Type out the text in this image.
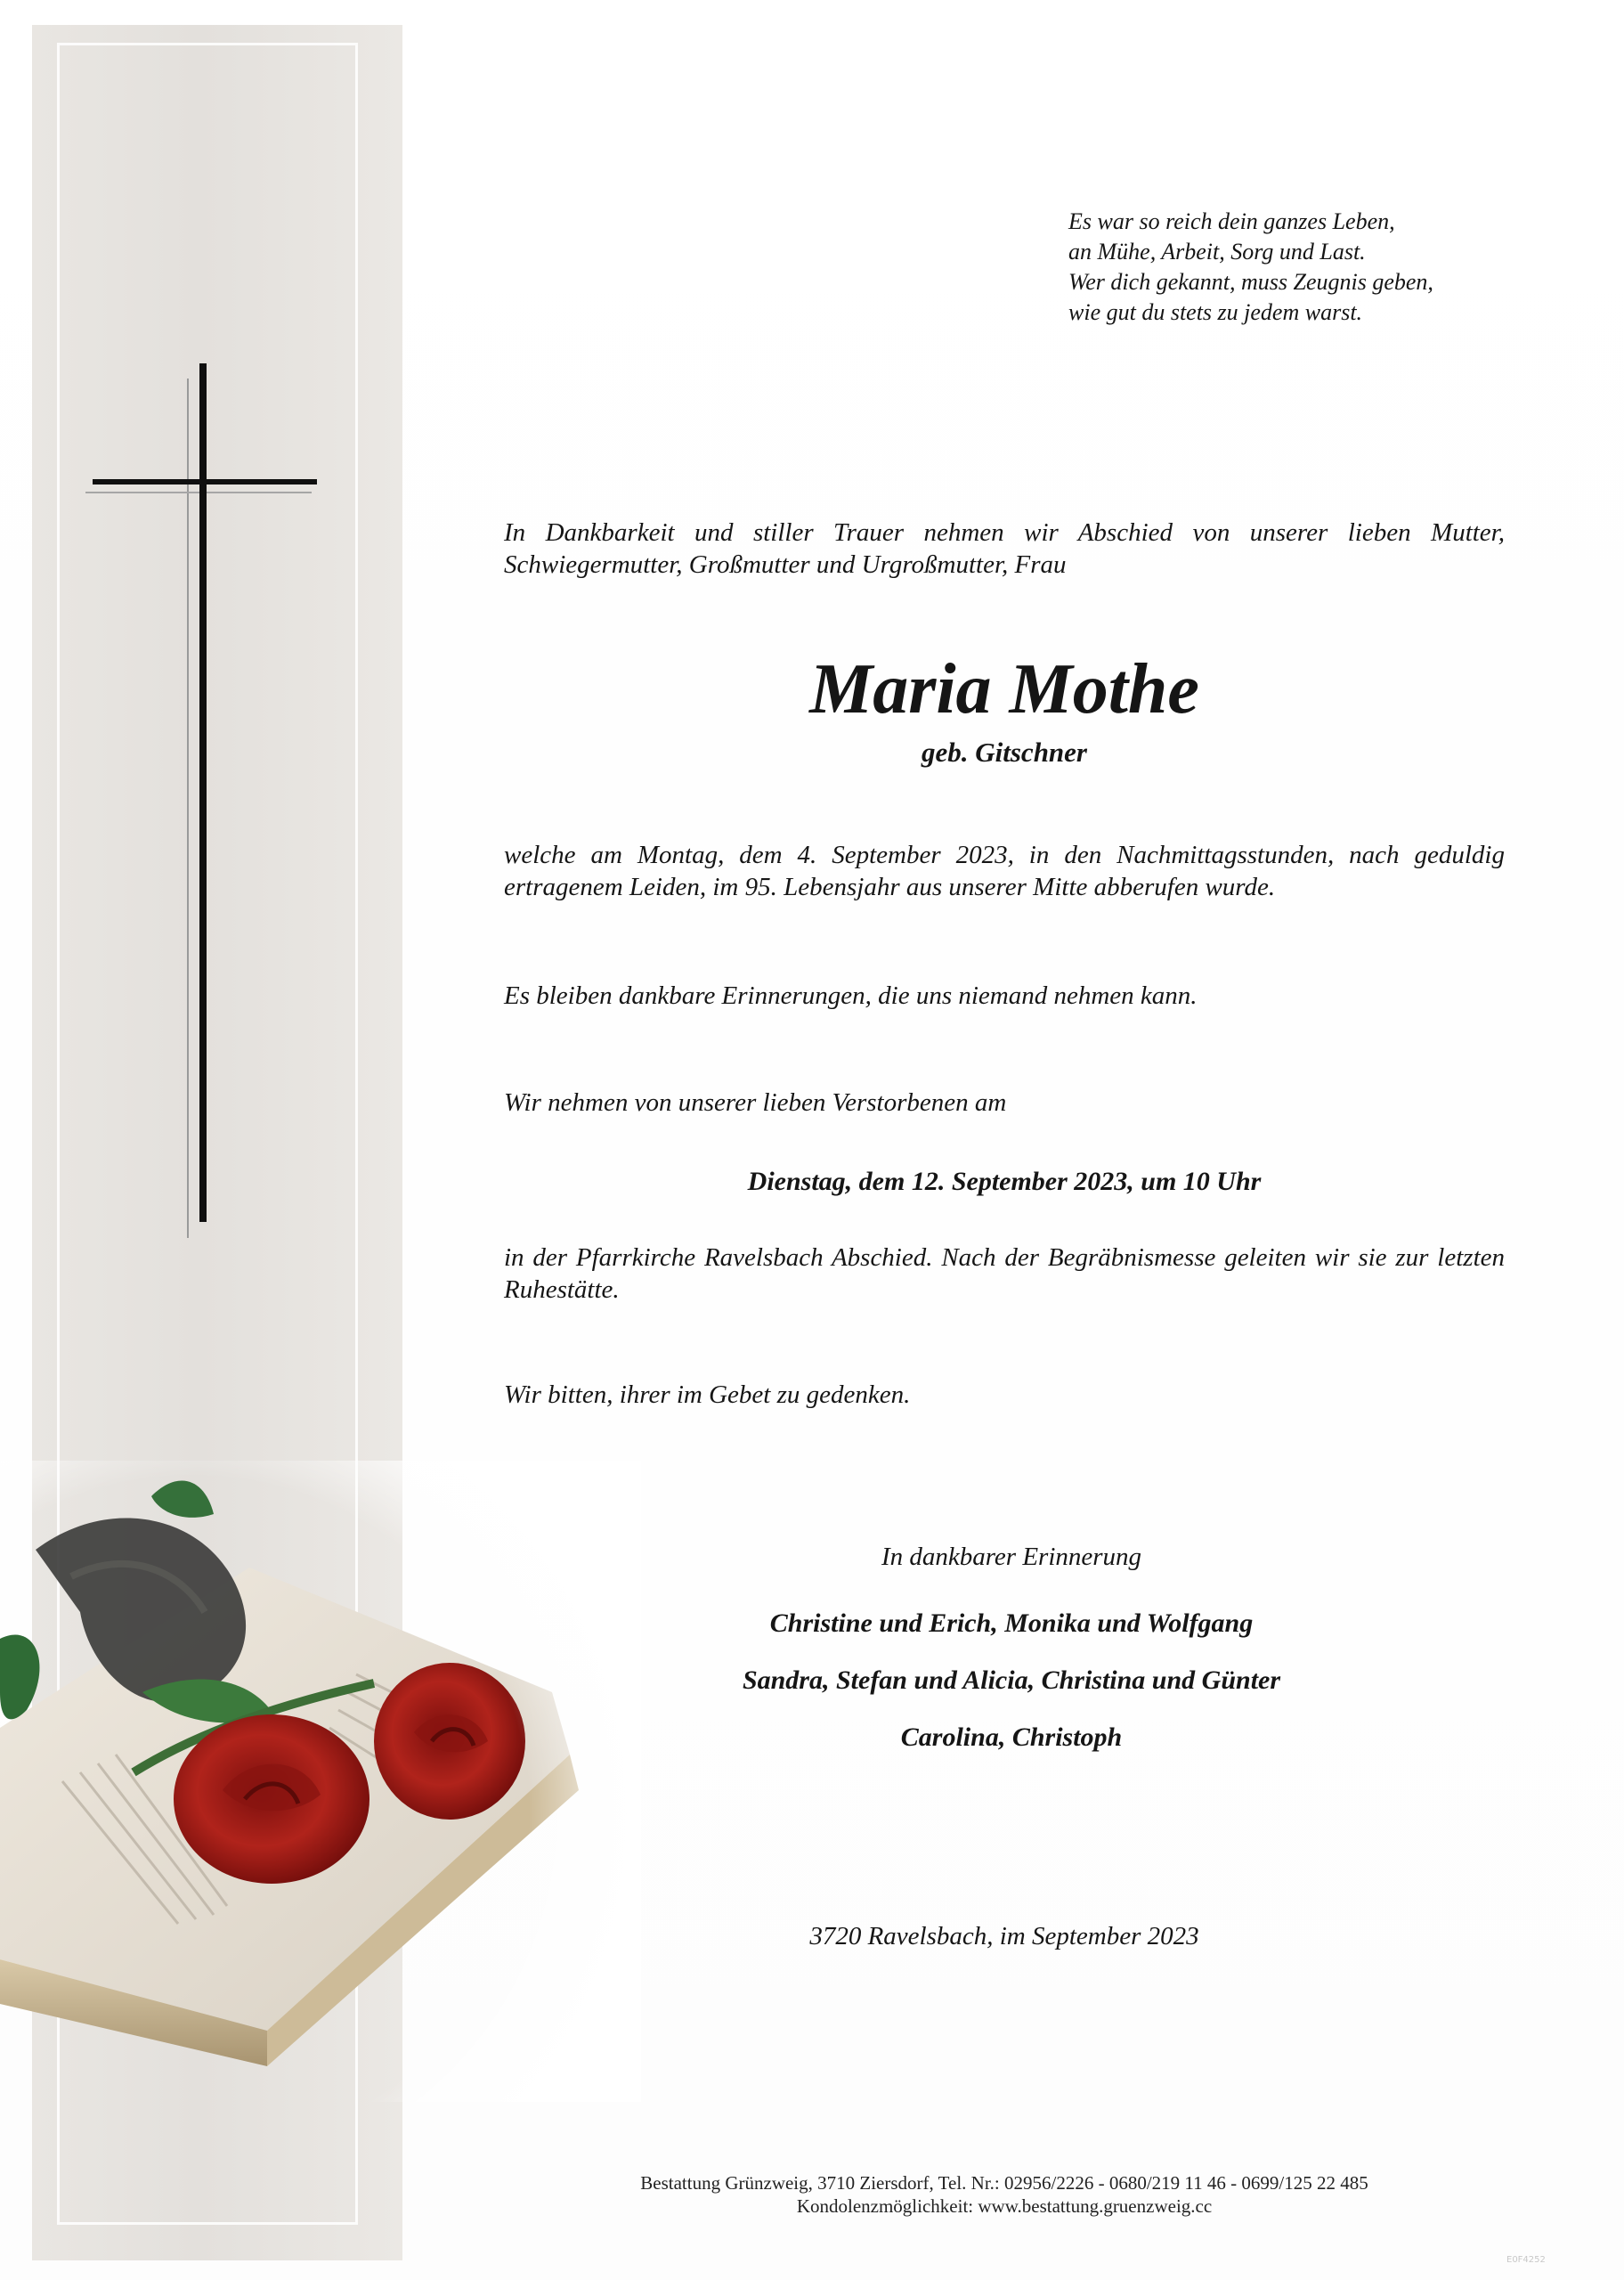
Es war so reich dein ganzes Leben,
an Mühe, Arbeit, Sorg und Last.
Wer dich gekannt, muss Zeugnis geben,
wie gut du stets zu jedem warst.
In Dankbarkeit und stiller Trauer nehmen wir Abschied von unserer lieben Mutter, Schwiegermutter, Großmutter und Urgroßmutter, Frau
Maria Mothe
geb. Gitschner
welche am Montag, dem 4. September 2023, in den Nachmittagsstunden, nach geduldig ertragenem Leiden, im 95. Lebensjahr aus unserer Mitte abberufen wurde.
Es bleiben dankbare Erinnerungen, die uns niemand nehmen kann.
Wir nehmen von unserer lieben Verstorbenen am
Dienstag, dem 12. September 2023, um 10 Uhr
in der Pfarrkirche Ravelsbach Abschied. Nach der Begräbnismesse geleiten wir sie zur letzten Ruhestätte.
Wir bitten, ihrer im Gebet zu gedenken.
In dankbarer Erinnerung
Christine und Erich, Monika und Wolfgang
Sandra, Stefan und Alicia, Christina und Günter
Carolina, Christoph
3720 Ravelsbach, im September 2023
Bestattung Grünzweig, 3710 Ziersdorf, Tel. Nr.: 02956/2226 - 0680/219 11 46 - 0699/125 22 485
Kondolenzmöglichkeit: www.bestattung.gruenzweig.cc
E0F4252
